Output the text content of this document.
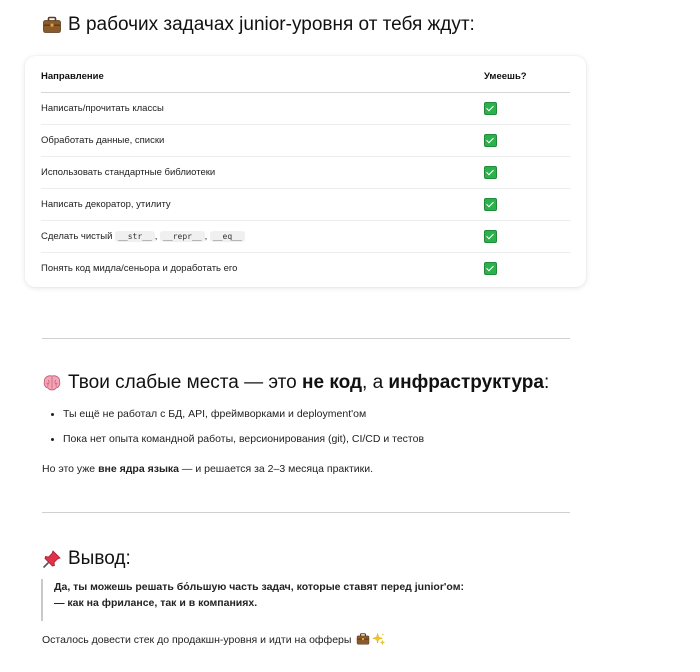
В рабочих задачах junior-уровня от тебя ждут:
Направление	Умеешь?
Написать/прочитать классы	
Обработать данные, списки	
Использовать стандартные библиотеки	
Написать декоратор, утилиту	
Сделать чистый __str__ , __repr__ , __eq__	
Понять код мидла/сеньора и доработать его	
Твои слабые места — это не код , а инфраструктура :
• Ты ещё не работал с БД, API, фреймворками и deployment'ом
• Пока нет опыта командной работы, версионирования (git), CI/CD и тестов
Но это уже вне ядра языка — и решается за 2–3 месяца практики.
Вывод:
Да, ты можешь решать бо́льшую часть задач, которые ставят перед junior'ом:
— как на фрилансе, так и в компаниях.
Осталось довести стек до продакшн-уровня и идти на офферы
